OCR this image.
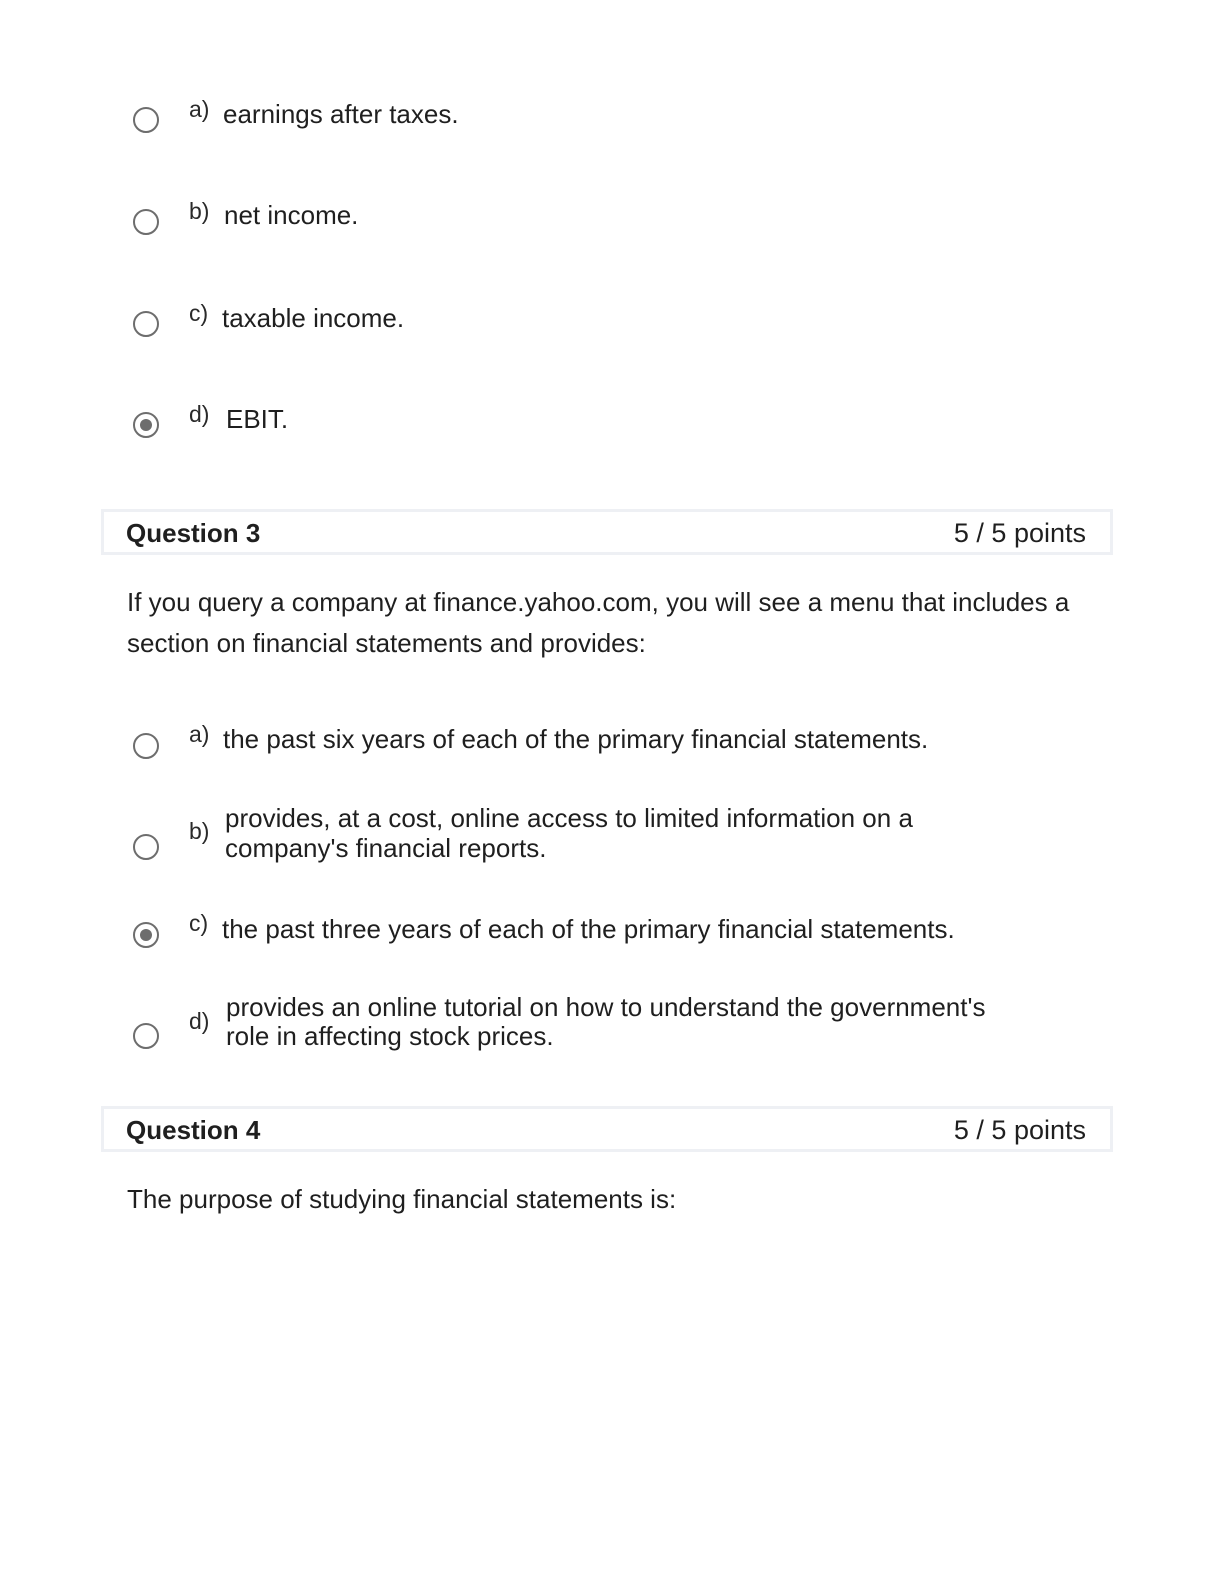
a) earnings after taxes.
b) net income.
c) taxable income.
d) EBIT.
Question 3	5 / 5 points
If you query a company at finance.yahoo.com, you will see a menu that includes a section on financial statements and provides:
a) the past six years of each of the primary financial statements.
b) provides, at a cost, online access to limited information on a
company's financial reports.
c) the past three years of each of the primary financial statements.
d) provides an online tutorial on how to understand the government's
role in affecting stock prices.
Question 4	5 / 5 points
The purpose of studying financial statements is:
